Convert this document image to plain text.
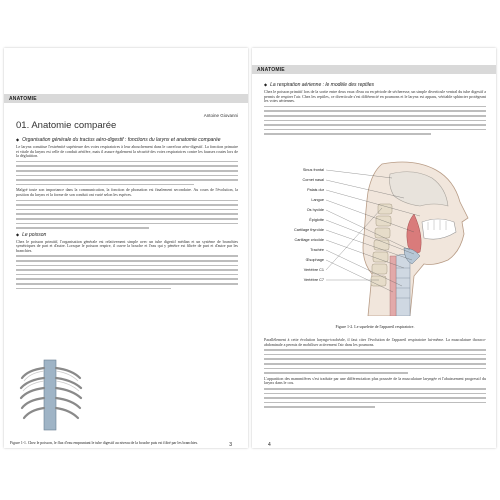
ANATOMIE
Antoine Giovanni
01. Anatomie comparée
◆ Organisation générale du tractus aéro-digestif : fonctions du larynx et anatomie comparée

Le larynx constitue l'extrémité supérieure des voies respiratoires à leur abouchement dans le carrefour aéro-digestif. La fonction primaire et vitale du larynx est celle de conduit aérifère, mais il assure également la sécurité des voies respiratoires contre les fausses routes lors de la déglutition.

Malgré toute son importance dans la communication, la fonction de phonation est finalement secondaire. Au cours de l'évolution, la position du larynx et la forme de son conduit ont varié selon les espèces.

◆ Le poisson

Chez le poisson primitif, l'organisation générale est relativement simple avec un tube digestif médian et un système de branchies symétriques de part et d'autre. Lorsque le poisson respire, il ouvre la bouche et l'eau qui y pénètre est filtrée de part et d'autre par les branchies.

Figure 1-1. Chez le poisson, le flux d'eau empruntant le tube digestif au niveau de la bouche puis est filtré par les branchies.	3
ANATOMIE
◆ La respiration aérienne : le modèle des reptiles

Chez le poisson primitif lors de la sortie entre deux eaux d'eau ou en période de sécheresse, un simple diverticule ventral du tube digestif a permis de respirer l'air. Chez les reptiles, ce diverticule s'est différencié en poumons et le larynx est apparu, véritable sphincter protégeant les voies aériennes.

Sinus frontal
Cornet nasal
Palais dur
Langue
Os hyoïde
Épiglotte
Cartilage thyroïde
Cartilage cricoïde
Trachée
Œsophage
Vertèbre C1
Vertèbre C7
Figure 1-2. Le squelette de l'appareil respiratoire.

Parallèlement à cette évolution laryngo-trachéale, il faut citer l'évolution de l'appareil respiratoire lui-même. La musculature thoraco-abdominale a permis de mobiliser activement l'air dans les poumons.

L'apparition des mammifères s'est traduite par une différenciation plus poussée de la musculature laryngée et l'abaissement progressif du larynx dans le cou.

4
